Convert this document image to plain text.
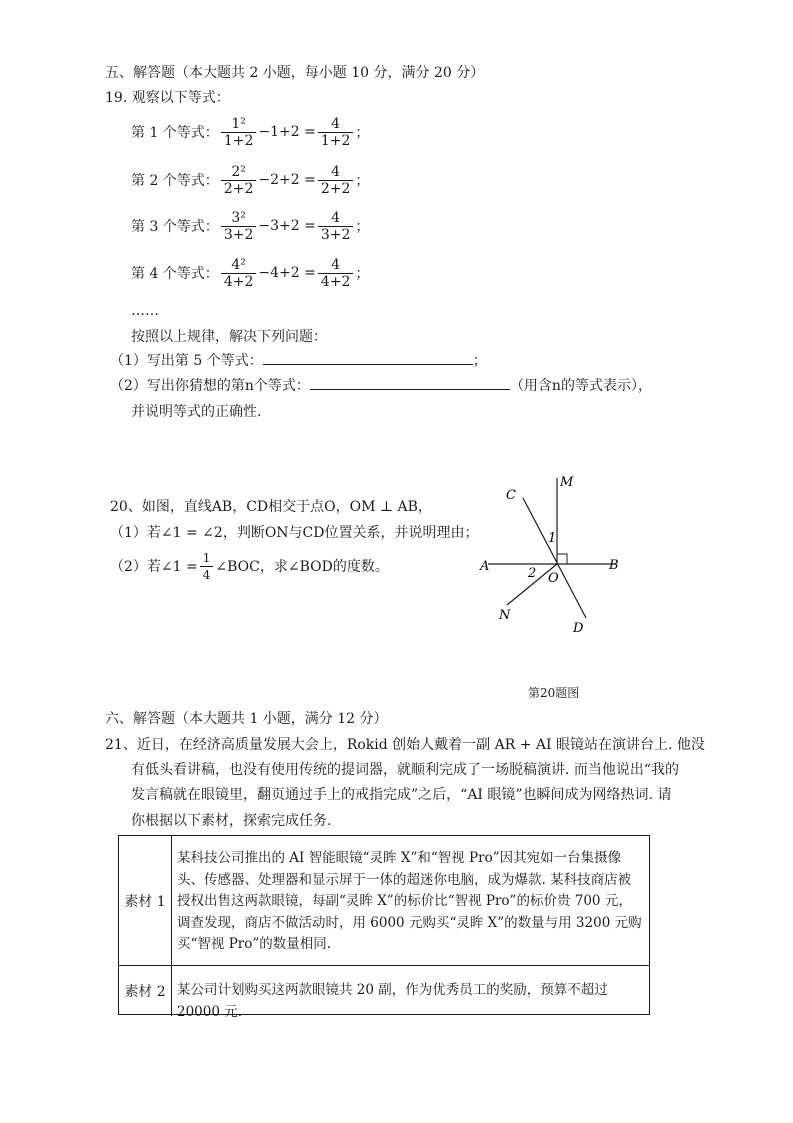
五、解答题（本大题共 2 小题，每小题 10 分，满分 20 分）
19. 观察以下等式：
第 1 个等式： $\frac{\text{1²}}{1+2} -1+2 = \frac{4}{1+2}$ ；
第 2 个等式： $\frac{\text{2²}}{2+2} -2+2 = \frac{4}{2+2}$ ；
第 3 个等式： $\frac{\text{3²}}{3+2} -3+2 = \frac{4}{3+2}$ ；
第 4 个等式： $\frac{\text{4²}}{4+2} -4+2 = \frac{4}{4+2}$ ；
……
按照以上规律，解决下列问题：
（1）写出第 5 个等式：	；
（2）写出你猜想的第n个等式：	（用含n的等式表示），
并说明等式的正确性.
20、如图，直线AB，CD相交于点O，OM ⊥ AB，
（1）若∠1 = ∠2，判断ON与CD位置关系，并说明理由；
（2）若∠1 = $\frac{1}{4}$ ∠BOC，求∠BOD的度数。
C
M
1
A	2 O
B
N
D
第20题图
六、解答题（本大题共 1 小题，满分 12 分）
21、近日，在经济高质量发展大会上，Rokid 创始人戴着一副 AR + AI 眼镜站在演讲台上. 他没
有低头看讲稿，也没有使用传统的提词器，就顺利完成了一场脱稿演讲. 而当他说出“我的
发言稿就在眼镜里，翻页通过手上的戒指完成”之后，“AI 眼镜”也瞬间成为网络热词. 请
你根据以下素材，探索完成任务.
素材 1
某科技公司推出的 AI 智能眼镜“灵眸 X”和“智视 Pro”因其宛如一台集摄像头、传感器、处理器和显示屏于一体的超迷你电脑，成为爆款. 某科技商店被授权出售这两款眼镜，每副“灵眸 X”的标价比“智视 Pro”的标价贵 700 元，调查发现，商店不做活动时，用 6000 元购买“灵眸 X”的数量与用 3200 元购买“智视 Pro”的数量相同.
素材 2 某公司计划购买这两款眼镜共 20 副，作为优秀员工的奖励，预算不超过 20000 元.
